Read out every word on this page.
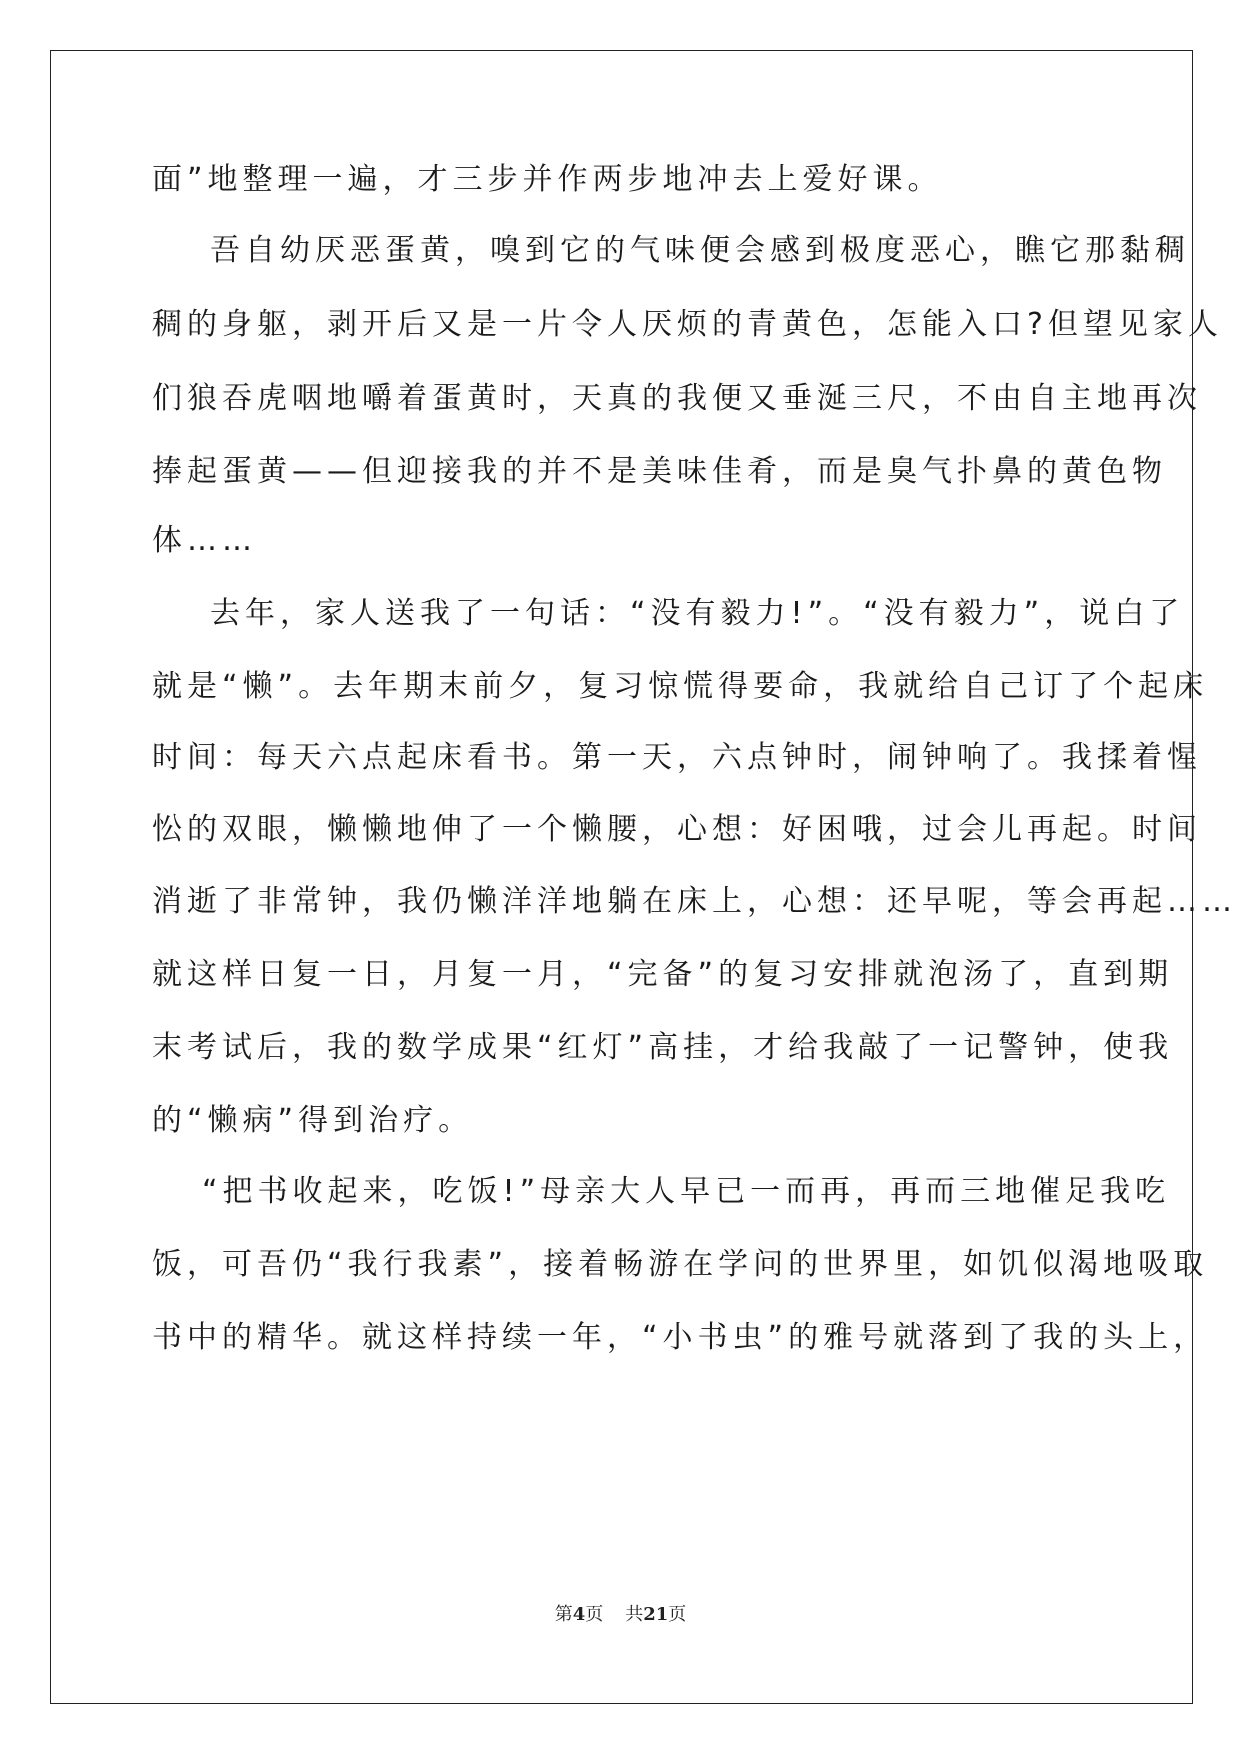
面”地整理一遍，才三步并作两步地冲去上爱好课。
吾自幼厌恶蛋黄，嗅到它的气味便会感到极度恶心，瞧它那黏稠
稠的身躯，剥开后又是一片令人厌烦的青黄色，怎能入口?但望见家人
们狼吞虎咽地嚼着蛋黄时，天真的我便又垂涎三尺，不由自主地再次
捧起蛋黄——但迎接我的并不是美味佳肴，而是臭气扑鼻的黄色物
体……
去年，家人送我了一句话：“没有毅力!”。“没有毅力”，说白了
就是“懒”。去年期末前夕，复习惊慌得要命，我就给自己订了个起床
时间：每天六点起床看书。第一天，六点钟时，闹钟响了。我揉着惺
忪的双眼，懒懒地伸了一个懒腰，心想：好困哦，过会儿再起。时间
消逝了非常钟，我仍懒洋洋地躺在床上，心想：还早呢，等会再起……
就这样日复一日，月复一月，“完备”的复习安排就泡汤了，直到期
末考试后，我的数学成果“红灯”高挂，才给我敲了一记警钟，使我
的“懒病”得到治疗。
“把书收起来，吃饭!”母亲大人早已一而再，再而三地催足我吃
饭，可吾仍“我行我素”，接着畅游在学问的世界里，如饥似渴地吸取
书中的精华。就这样持续一年，“小书虫”的雅号就落到了我的头上，
第4页 共21页
